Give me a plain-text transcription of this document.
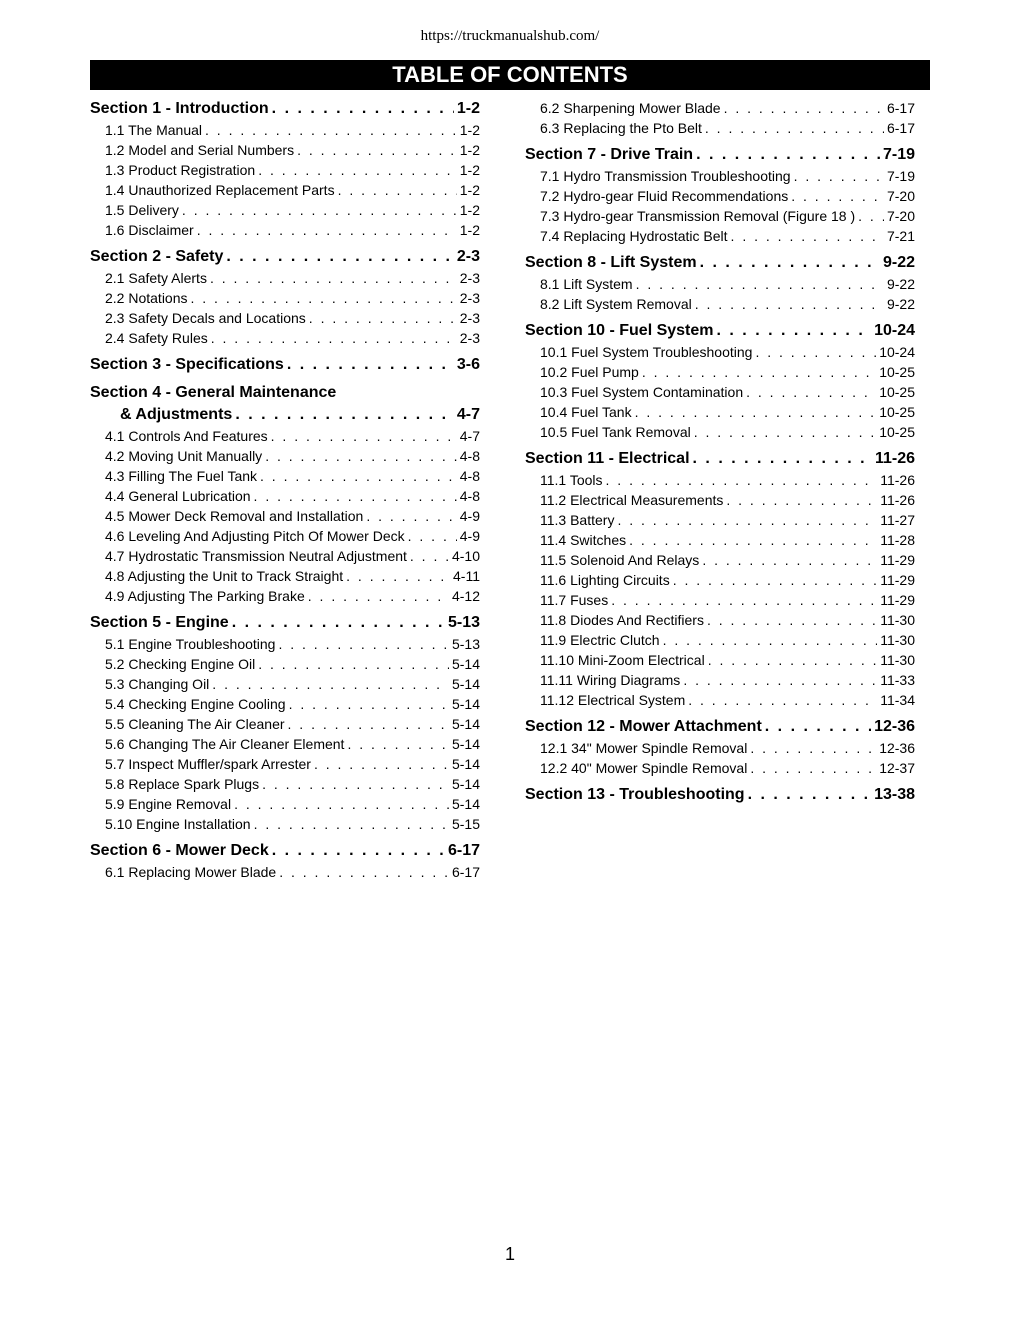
https://truckmanualshub.com/
TABLE OF CONTENTS
Section 1 - Introduction . . .	1-2
1.1 The Manual . . .	1-2
1.2 Model and Serial Numbers . . .	1-2
1.3 Product Registration . . .	1-2
1.4 Unauthorized Replacement Parts . . .	1-2
1.5 Delivery . . .	1-2
1.6 Disclaimer . . .	1-2
Section 2 - Safety . . .	2-3
2.1 Safety Alerts . . .	2-3
2.2 Notations . . .	2-3
2.3 Safety Decals and Locations . . .	2-3
2.4 Safety Rules . . .	2-3
Section 3 - Specifications . . .	3-6
Section 4 - General Maintenance
& Adjustments . . .	4-7
4.1 Controls And Features . . .	4-7
4.2 Moving Unit Manually . . .	4-8
4.3 Filling The Fuel Tank . . .	4-8
4.4 General Lubrication . . .	4-8
4.5 Mower Deck Removal and Installation . . .	4-9
4.6 Leveling And Adjusting Pitch Of Mower Deck . . .	4-9
4.7 Hydrostatic Transmission Neutral Adjustment . . .	4-10
4.8 Adjusting the Unit to Track Straight . . .	4-11
4.9 Adjusting The Parking Brake . . .	4-12
Section 5 - Engine . . .	5-13
5.1 Engine Troubleshooting . . .	5-13
5.2 Checking Engine Oil . . .	5-14
5.3 Changing Oil . . .	5-14
5.4 Checking Engine Cooling . . .	5-14
5.5 Cleaning The Air Cleaner . . .	5-14
5.6 Changing The Air Cleaner Element . . .	5-14
5.7 Inspect Muffler/spark Arrester . . .	5-14
5.8 Replace Spark Plugs . . .	5-14
5.9 Engine Removal . . .	5-14
5.10 Engine Installation . . .	5-15
Section 6 - Mower Deck . . .	6-17
6.1 Replacing Mower Blade . . .	6-17
6.2 Sharpening Mower Blade . . .	6-17
6.3 Replacing the Pto Belt . . .	6-17
Section 7 - Drive Train . . .	7-19
7.1 Hydro Transmission Troubleshooting . . .	7-19
7.2 Hydro-gear Fluid Recommendations . . .	7-20
7.3 Hydro-gear Transmission Removal (Figure 18 ) . . . 7-20
7.4 Replacing Hydrostatic Belt . . .	7-21
Section 8 - Lift System . . .	9-22
8.1 Lift System . . .	9-22
8.2 Lift System Removal . . .	9-22
Section 10 - Fuel System . . .	10-24
10.1 Fuel System Troubleshooting . . .	10-24
10.2 Fuel Pump . . .	10-25
10.3 Fuel System Contamination . . .	10-25
10.4 Fuel Tank . . .	10-25
10.5 Fuel Tank Removal . . .	10-25
Section 11 - Electrical . . .	11-26
11.1 Tools . . .	11-26
11.2 Electrical Measurements . . .	11-26
11.3 Battery . . .	11-27
11.4 Switches . . .	11-28
11.5 Solenoid And Relays . . .	11-29
11.6 Lighting Circuits . . .	11-29
11.7 Fuses . . .	11-29
11.8 Diodes And Rectifiers . . .	11-30
11.9 Electric Clutch . . .	11-30
11.10 Mini-Zoom Electrical . . .	11-30
11.11 Wiring Diagrams . . .	11-33
11.12 Electrical System . . .	11-34
Section 12 - Mower Attachment . . .	12-36
12.1 34" Mower Spindle Removal . . .	12-36
12.2 40" Mower Spindle Removal . . .	12-37
Section 13 - Troubleshooting . . .	13-38
1
